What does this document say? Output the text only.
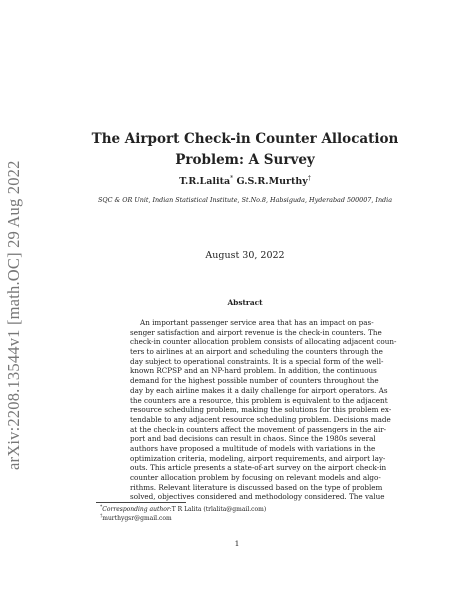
arXiv:2208.13544v1 [math.OC] 29 Aug 2022
The Airport Check-in Counter Allocation
Problem: A Survey
T.R.Lalita* G.S.R.Murthy†
SQC & OR Unit, Indian Statistical Institute, St.No.8, Habsiguda, Hyderabad 500007, India
August 30, 2022
Abstract
An important passenger service area that has an impact on pas-
senger satisfaction and airport revenue is the check-in counters. The
check-in counter allocation problem consists of allocating adjacent coun-
ters to airlines at an airport and scheduling the counters through the
day subject to operational constraints. It is a special form of the well-
known RCPSP and an NP-hard problem. In addition, the continuous
demand for the highest possible number of counters throughout the
day by each airline makes it a daily challenge for airport operators. As
the counters are a resource, this problem is equivalent to the adjacent
resource scheduling problem, making the solutions for this problem ex-
tendable to any adjacent resource scheduling problem. Decisions made
at the check-in counters affect the movement of passengers in the air-
port and bad decisions can result in chaos. Since the 1980s several
authors have proposed a multitude of models with variations in the
optimization criteria, modeling, airport requirements, and airport lay-
outs. This article presents a state-of-art survey on the airport check-in
counter allocation problem by focusing on relevant models and algo-
rithms. Relevant literature is discussed based on the type of problem
solved, objectives considered and methodology considered. The value
*Corresponding author:T R Lalita (trlalita@gmail.com)
†murthygsr@gmail.com
1
